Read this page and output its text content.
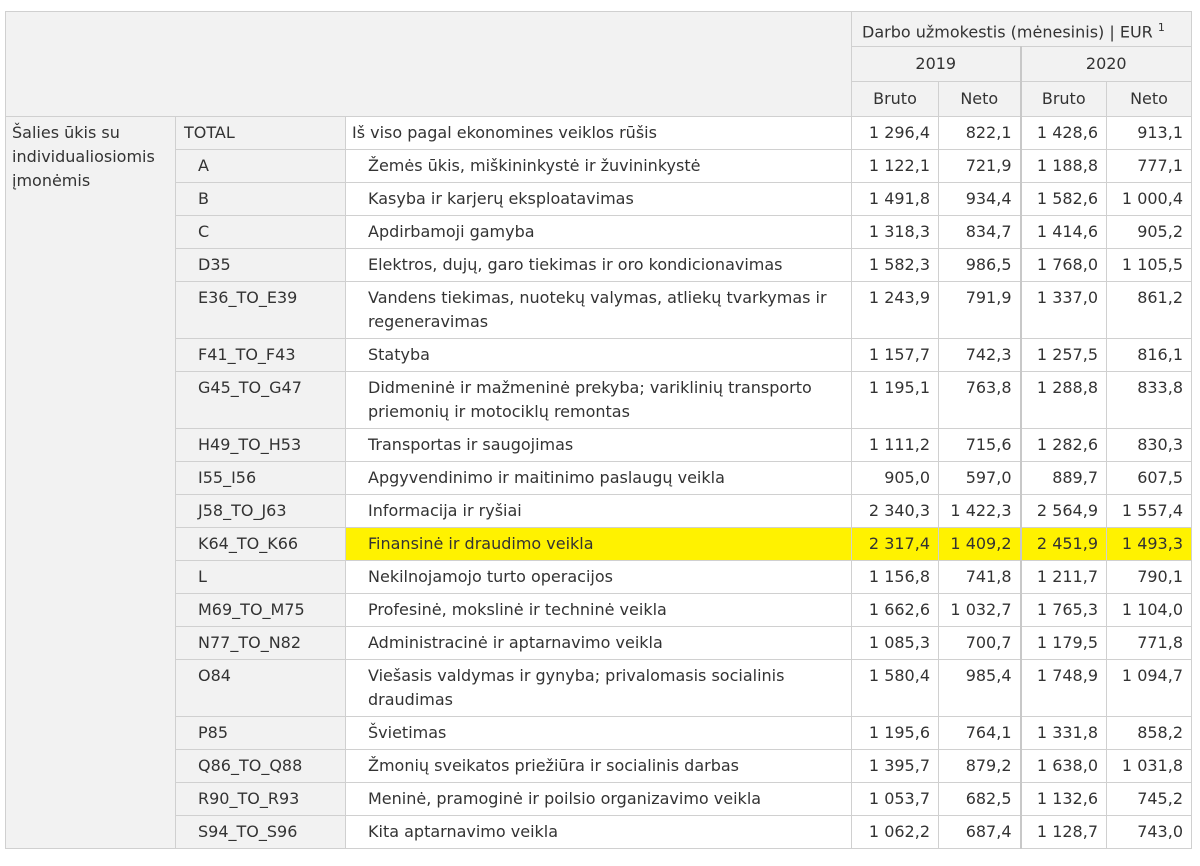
			Darbo užmokestis (mėnesinis) | EUR $^1$
			2019		2020	
			Bruto	Neto	Bruto	Neto
Šalies ūkis su individualiosiomis įmonėmis	TOTAL	Iš viso pagal ekonomines veiklos rūšis	1 296,4	822,1	1 428,6	913,1
	A	Žemės ūkis, miškininkystė ir žuvininkystė	1 122,1	721,9	1 188,8	777,1
	B	Kasyba ir karjerų eksploatavimas	1 491,8	934,4	1 582,6	1 000,4
	C	Apdirbamoji gamyba	1 318,3	834,7	1 414,6	905,2
	D35	Elektros, dujų, garo tiekimas ir oro kondicionavimas	1 582,3	986,5	1 768,0	1 105,5
	E36_TO_E39	Vandens tiekimas, nuotekų valymas, atliekų tvarkymas ir regeneravimas	1 243,9	791,9	1 337,0	861,2
	F41_TO_F43	Statyba	1 157,7	742,3	1 257,5	816,1
	G45_TO_G47	Didmeninė ir mažmeninė prekyba; variklinių transporto priemonių ir motociklų remontas	1 195,1	763,8	1 288,8	833,8
	H49_TO_H53	Transportas ir saugojimas	1 111,2	715,6	1 282,6	830,3
	I55_I56	Apgyvendinimo ir maitinimo paslaugų veikla	905,0	597,0	889,7	607,5
	J58_TO_J63	Informacija ir ryšiai	2 340,3	1 422,3	2 564,9	1 557,4
	K64_TO_K66	Finansinė ir draudimo veikla	2 317,4	1 409,2	2 451,9	1 493,3
	L	Nekilnojamojo turto operacijos	1 156,8	741,8	1 211,7	790,1
	M69_TO_M75	Profesinė, mokslinė ir techninė veikla	1 662,6	1 032,7	1 765,3	1 104,0
	N77_TO_N82	Administracinė ir aptarnavimo veikla	1 085,3	700,7	1 179,5	771,8
	O84	Viešasis valdymas ir gynyba; privalomasis socialinis draudimas	1 580,4	985,4	1 748,9	1 094,7
	P85	Švietimas	1 195,6	764,1	1 331,8	858,2
	Q86_TO_Q88	Žmonių sveikatos priežiūra ir socialinis darbas	1 395,7	879,2	1 638,0	1 031,8
	R90_TO_R93	Meninė, pramoginė ir poilsio organizavimo veikla	1 053,7	682,5	1 132,6	745,2
	S94_TO_S96	Kita aptarnavimo veikla	1 062,2	687,4	1 128,7	743,0
